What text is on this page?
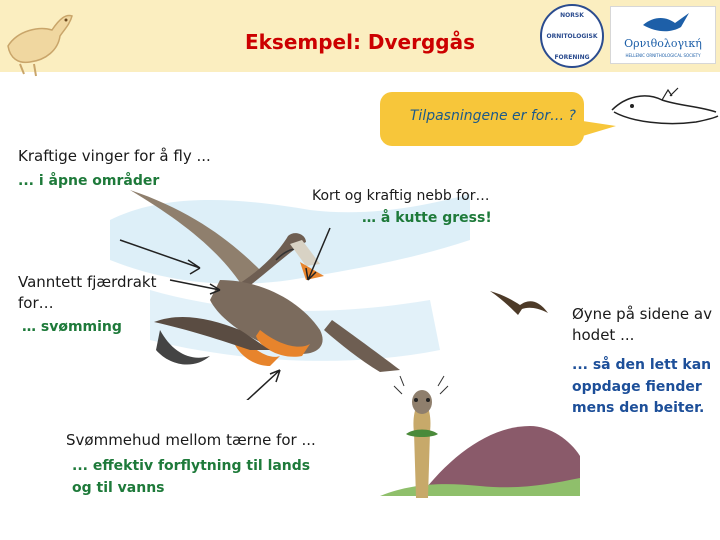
Eksempel: Dverggås
NORSK
ORNITOLOGISK
FORENING
Ορνιθολογική
HELLENIC ORNITHOLOGICAL SOCIETY
Tilpasningene er for… ?
Kraftige vinger for å fly ...
... i åpne områder
Kort og kraftig nebb for…
… å kutte gress!
Vanntett fjærdrakt
for…
… svømming
Øyne på sidene av
hodet ...
... så den lett kan
oppdage fiender
mens den beiter.
Svømmehud mellom tærne for ...
... effektiv forflytning til lands
og til vanns
